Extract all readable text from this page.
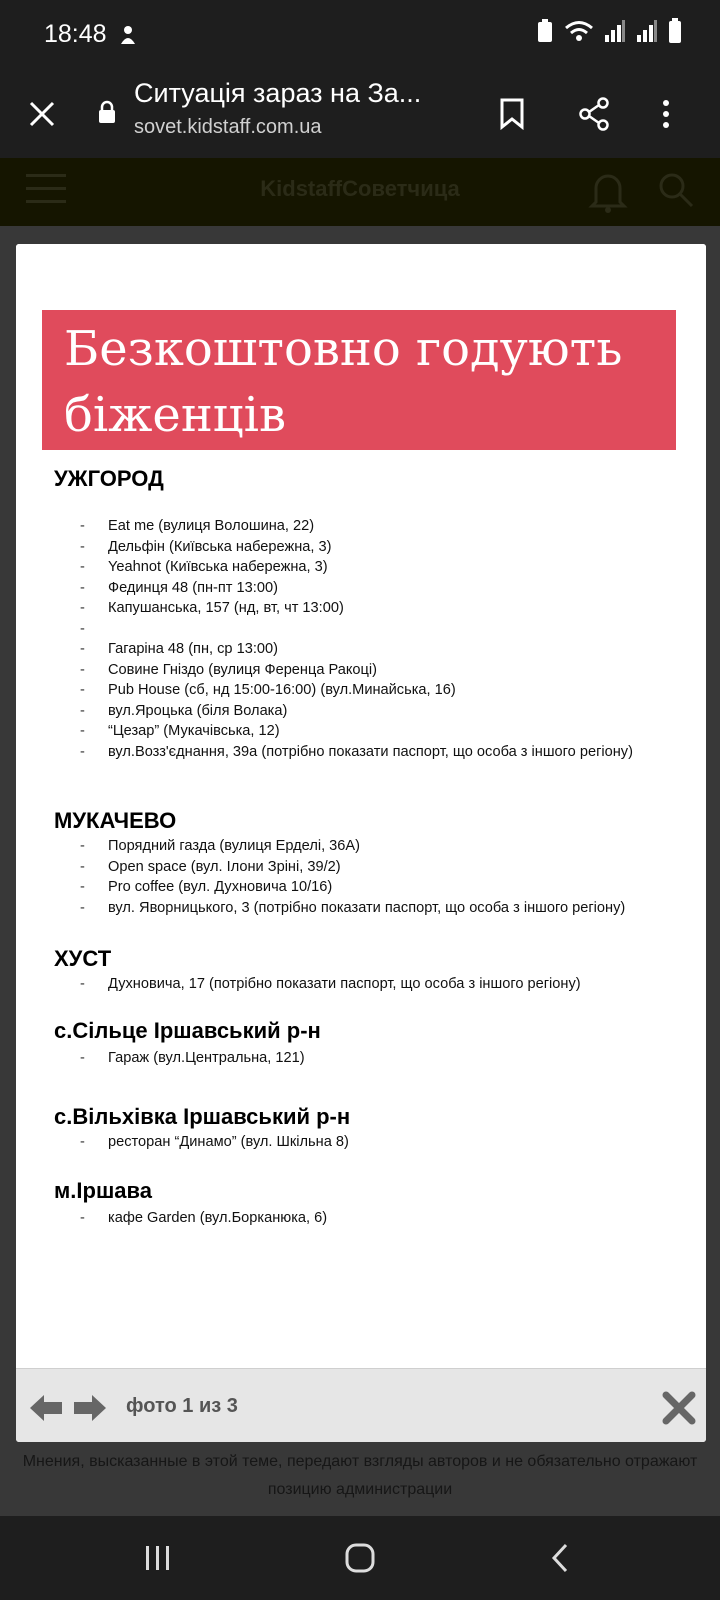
18:48
Ситуація зараз на За...
sovet.kidstaff.com.ua
KidstaffСоветчица
Мнения, высказанные в этой теме, передают взгляды авторов и не обязательно отражают позицию администрации
Безкоштовно годують
біженців
УЖГОРОД
-	Eat me (вулиця Волошина, 22)
-	Дельфін (Київська набережна, 3)
-	Yeahnot (Київська набережна, 3)
-	Фединця 48 (пн-пт 13:00)
-	Капушанська, 157 (нд, вт, чт 13:00)
-
-	Гагаріна 48 (пн, ср 13:00)
-	Совине Гніздо (вулиця Ференца Ракоці)
-	Pub House (сб, нд 15:00-16:00) (вул.Минайська, 16)
-	вул.Яроцька (біля Волака)
-	“Цезар” (Мукачівська, 12)
-	вул.Возз'єднання, 39а (потрібно показати паспорт, що особа з іншого регіону)
МУКАЧЕВО
-	Порядний газда (вулиця Ерделі, 36А)
-	Open space (вул. Ілони Зріні, 39/2)
-	Pro coffee (вул. Духновича 10/16)
-	вул. Яворницького, 3 (потрібно показати паспорт, що особа з іншого регіону)
ХУСТ
-	Духновича, 17 (потрібно показати паспорт, що особа з іншого регіону)
с.Сільце Іршавський р-н
-	Гараж (вул.Центральна, 121)
с.Вільхівка Іршавський р-н
-	ресторан “Динамо” (вул. Шкільна 8)
м.Іршава
-	кафе Garden (вул.Борканюка, 6)
фото 1 из 3
